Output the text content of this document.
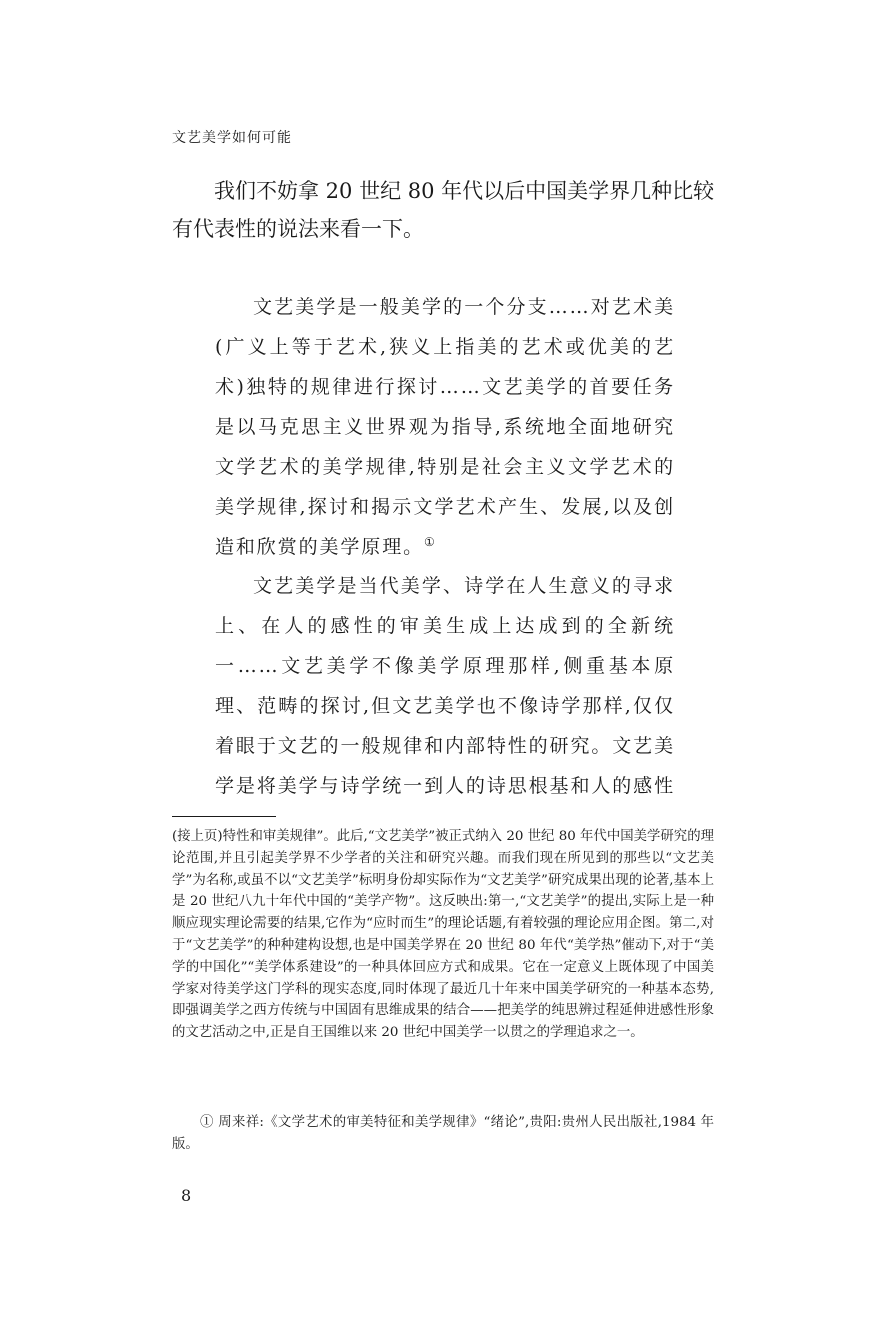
文艺美学如何可能

我们不妨拿 20 世纪 80 年代以后中国美学界几种比较有代表性的说法来看一下。

文艺美学是一般美学的一个分支……对艺术美(广义上等于艺术,狭义上指美的艺术或优美的艺术)独特的规律进行探讨……文艺美学的首要任务是以马克思主义世界观为指导,系统地全面地研究文学艺术的美学规律,特别是社会主义文学艺术的美学规律,探讨和揭示文学艺术产生、发展,以及创造和欣赏的美学原理。①

文艺美学是当代美学、诗学在人生意义的寻求上、在人的感性的审美生成上达成到的全新统一……文艺美学不像美学原理那样,侧重基本原理、范畴的探讨,但文艺美学也不像诗学那样,仅仅着眼于文艺的一般规律和内部特性的研究。文艺美学是将美学与诗学统一到人的诗思根基和人的感性

(接上页)特性和审美规律”。此后,“文艺美学”被正式纳入 20 世纪 80 年代中国美学研究的理论范围,并且引起美学界不少学者的关注和研究兴趣。而我们现在所见到的那些以“文艺美学”为名称,或虽不以“文艺美学”标明身份却实际作为“文艺美学”研究成果出现的论著,基本上是 20 世纪八九十年代中国的“美学产物”。这反映出:第一,“文艺美学”的提出,实际上是一种顺应现实理论需要的结果,它作为“应时而生”的理论话题,有着较强的理论应用企图。第二,对于“文艺美学”的种种建构设想,也是中国美学界在 20 世纪 80 年代“美学热”催动下,对于“美学的中国化”“美学体系建设”的一种具体回应方式和成果。它在一定意义上既体现了中国美学家对待美学这门学科的现实态度,同时体现了最近几十年来中国美学研究的一种基本态势,即强调美学之西方传统与中国固有思维成果的结合——把美学的纯思辨过程延伸进感性形象的文艺活动之中,正是自王国维以来 20 世纪中国美学一以贯之的学理追求之一。

① 周来祥:《文学艺术的审美特征和美学规律》“绪论”,贵阳:贵州人民出版社,1984 年版。

8
